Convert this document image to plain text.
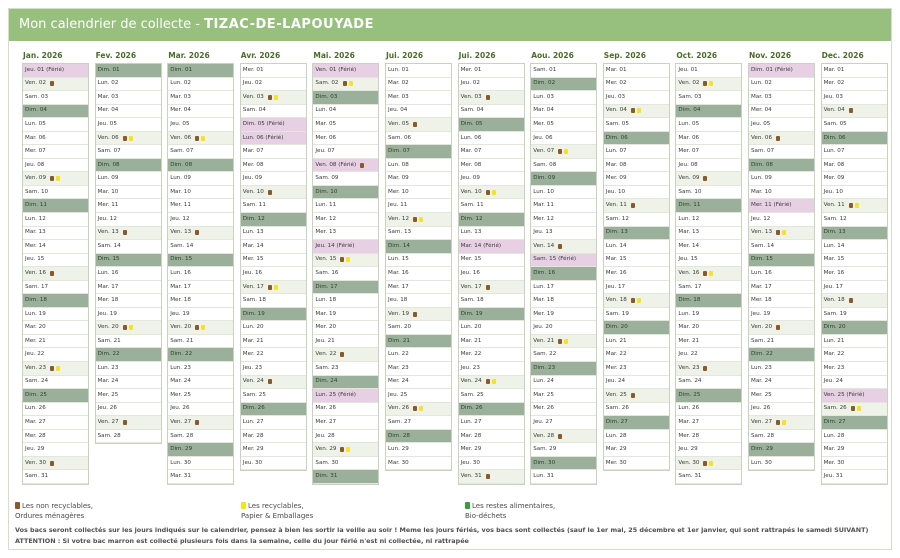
Mon calendrier de collecte - TIZAC-DE-LAPOUYADE
Jan. 2026
Jeu. 01 (Férié)
Ven. 02
Sam. 03
Dim. 04
Lun. 05
Mar. 06
Mer. 07
Jeu. 08
Ven. 09
Sam. 10
Dim. 11
Lun. 12
Mar. 13
Mer. 14
Jeu. 15
Ven. 16
Sam. 17
Dim. 18
Lun. 19
Mar. 20
Mer. 21
Jeu. 22
Ven. 23
Sam. 24
Dim. 25
Lun. 26
Mar. 27
Mer. 28
Jeu. 29
Ven. 30
Sam. 31
Fev. 2026
Dim. 01
Lun. 02
Mar. 03
Mer. 04
Jeu. 05
Ven. 06
Sam. 07
Dim. 08
Lun. 09
Mar. 10
Mer. 11
Jeu. 12
Ven. 13
Sam. 14
Dim. 15
Lun. 16
Mar. 17
Mer. 18
Jeu. 19
Ven. 20
Sam. 21
Dim. 22
Lun. 23
Mar. 24
Mer. 25
Jeu. 26
Ven. 27
Sam. 28
Mar. 2026
Dim. 01
Lun. 02
Mar. 03
Mer. 04
Jeu. 05
Ven. 06
Sam. 07
Dim. 08
Lun. 09
Mar. 10
Mer. 11
Jeu. 12
Ven. 13
Sam. 14
Dim. 15
Lun. 16
Mar. 17
Mer. 18
Jeu. 19
Ven. 20
Sam. 21
Dim. 22
Lun. 23
Mar. 24
Mer. 25
Jeu. 26
Ven. 27
Sam. 28
Dim. 29
Lun. 30
Mar. 31
Avr. 2026
Mer. 01
Jeu. 02
Ven. 03
Sam. 04
Dim. 05 (Férié)
Lun. 06 (Férié)
Mar. 07
Mer. 08
Jeu. 09
Ven. 10
Sam. 11
Dim. 12
Lun. 13
Mar. 14
Mer. 15
Jeu. 16
Ven. 17
Sam. 18
Dim. 19
Lun. 20
Mar. 21
Mer. 22
Jeu. 23
Ven. 24
Sam. 25
Dim. 26
Lun. 27
Mar. 28
Mer. 29
Jeu. 30
Mai. 2026
Ven. 01 (Férié)
Sam. 02
Dim. 03
Lun. 04
Mar. 05
Mer. 06
Jeu. 07
Ven. 08 (Férié)
Sam. 09
Dim. 10
Lun. 11
Mar. 12
Mer. 13
Jeu. 14 (Férié)
Ven. 15
Sam. 16
Dim. 17
Lun. 18
Mar. 19
Mer. 20
Jeu. 21
Ven. 22
Sam. 23
Dim. 24
Lun. 25 (Férié)
Mar. 26
Mer. 27
Jeu. 28
Ven. 29
Sam. 30
Dim. 31
Jui. 2026
Lun. 01
Mar. 02
Mer. 03
Jeu. 04
Ven. 05
Sam. 06
Dim. 07
Lun. 08
Mar. 09
Mer. 10
Jeu. 11
Ven. 12
Sam. 13
Dim. 14
Lun. 15
Mar. 16
Mer. 17
Jeu. 18
Ven. 19
Sam. 20
Dim. 21
Lun. 22
Mar. 23
Mer. 24
Jeu. 25
Ven. 26
Sam. 27
Dim. 28
Lun. 29
Mar. 30
Jui. 2026
Mer. 01
Jeu. 02
Ven. 03
Sam. 04
Dim. 05
Lun. 06
Mar. 07
Mer. 08
Jeu. 09
Ven. 10
Sam. 11
Dim. 12
Lun. 13
Mar. 14 (Férié)
Mer. 15
Jeu. 16
Ven. 17
Sam. 18
Dim. 19
Lun. 20
Mar. 21
Mer. 22
Jeu. 23
Ven. 24
Sam. 25
Dim. 26
Lun. 27
Mar. 28
Mer. 29
Jeu. 30
Ven. 31
Aou. 2026
Sam. 01
Dim. 02
Lun. 03
Mar. 04
Mer. 05
Jeu. 06
Ven. 07
Sam. 08
Dim. 09
Lun. 10
Mar. 11
Mer. 12
Jeu. 13
Ven. 14
Sam. 15 (Férié)
Dim. 16
Lun. 17
Mar. 18
Mer. 19
Jeu. 20
Ven. 21
Sam. 22
Dim. 23
Lun. 24
Mar. 25
Mer. 26
Jeu. 27
Ven. 28
Sam. 29
Dim. 30
Lun. 31
Sep. 2026
Mar. 01
Mer. 02
Jeu. 03
Ven. 04
Sam. 05
Dim. 06
Lun. 07
Mar. 08
Mer. 09
Jeu. 10
Ven. 11
Sam. 12
Dim. 13
Lun. 14
Mar. 15
Mer. 16
Jeu. 17
Ven. 18
Sam. 19
Dim. 20
Lun. 21
Mar. 22
Mer. 23
Jeu. 24
Ven. 25
Sam. 26
Dim. 27
Lun. 28
Mar. 29
Mer. 30
Oct. 2026
Jeu. 01
Ven. 02
Sam. 03
Dim. 04
Lun. 05
Mar. 06
Mer. 07
Jeu. 08
Ven. 09
Sam. 10
Dim. 11
Lun. 12
Mar. 13
Mer. 14
Jeu. 15
Ven. 16
Sam. 17
Dim. 18
Lun. 19
Mar. 20
Mer. 21
Jeu. 22
Ven. 23
Sam. 24
Dim. 25
Lun. 26
Mar. 27
Mer. 28
Jeu. 29
Ven. 30
Sam. 31
Nov. 2026
Dim. 01 (Férié)
Lun. 02
Mar. 03
Mer. 04
Jeu. 05
Ven. 06
Sam. 07
Dim. 08
Lun. 09
Mar. 10
Mer. 11 (Férié)
Jeu. 12
Ven. 13
Sam. 14
Dim. 15
Lun. 16
Mar. 17
Mer. 18
Jeu. 19
Ven. 20
Sam. 21
Dim. 22
Lun. 23
Mar. 24
Mer. 25
Jeu. 26
Ven. 27
Sam. 28
Dim. 29
Lun. 30
Dec. 2026
Mar. 01
Mer. 02
Jeu. 03
Ven. 04
Sam. 05
Dim. 06
Lun. 07
Mar. 08
Mer. 09
Jeu. 10
Ven. 11
Sam. 12
Dim. 13
Lun. 14
Mar. 15
Mer. 16
Jeu. 17
Ven. 18
Sam. 19
Dim. 20
Lun. 21
Mar. 22
Mer. 23
Jeu. 24
Ven. 25 (Férié)
Sam. 26
Dim. 27
Lun. 28
Mar. 29
Mer. 30
Jeu. 31
Les non recyclables,
Ordures ménagères
Les recyclables,
Papier & Emballages
Les restes alimentaires,
Bio-déchets
Vos bacs seront collectés sur les jours indiqués sur le calendrier, pensez à bien les sortir la veille au soir ! Meme les jours fériés, vos bacs sont collectés (sauf le 1er mai, 25 décembre et 1er janvier, qui sont rattrapés le samedi SUIVANT) ATTENTION : Si votre bac marron est collecté plusieurs fois dans la semaine, celle du jour férié n'est ni collectée, ni rattrapée
